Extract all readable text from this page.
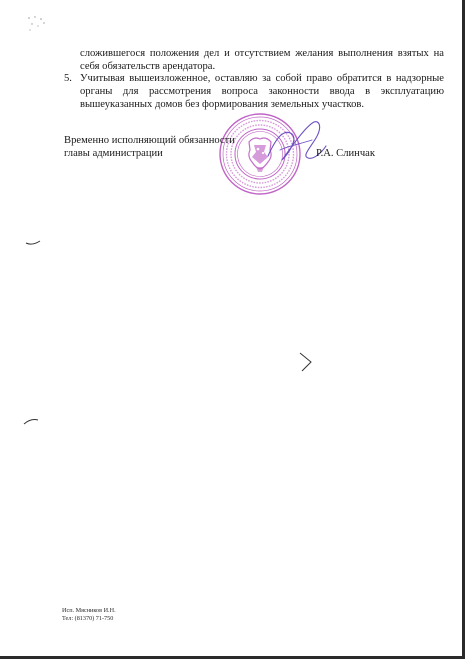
сложившегося положения дел и отсутствием желания выполнения взятых на
себя обязательств арендатора.
5. Учитывая вышеизложенное, оставляю за собой право обратится в надзорные
органы для рассмотрения вопроса законности ввода в эксплуатацию
вышеуказанных домов без формирования земельных участков.
Временно исполняющий обязанности
главы администрации	Р.А. Слинчак
Исп. Мясников И.Н.
Тел: (81370) 71-750
